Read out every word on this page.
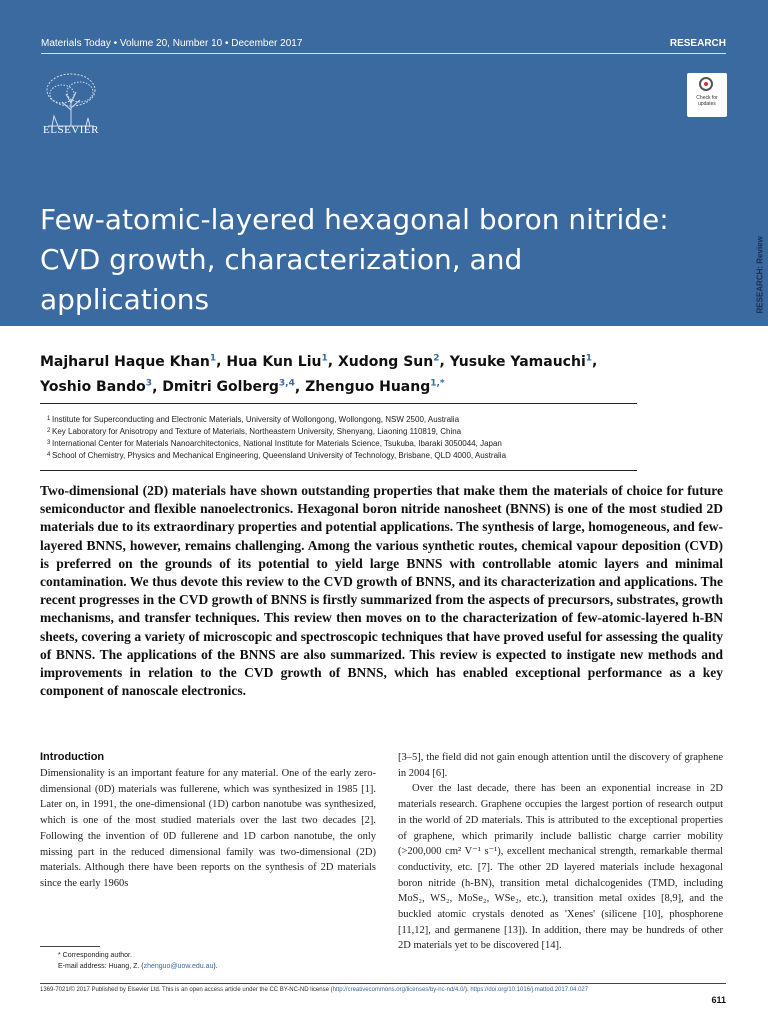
Materials Today • Volume 20, Number 10 • December 2017	RESEARCH
ELSEVIER
Check for updates
Few-atomic-layered hexagonal boron nitride: CVD growth, characterization, and applications	RESEARCH: Review
Majharul Haque Khan$^1$, Hua Kun Liu$^1$, Xudong Sun$^2$, Yusuke Yamauchi$^1$,
Yoshio Bando$^3$, Dmitri Golberg$^{3,4}$, Zhenguo Huang$^{1,*}$
1 Institute for Superconducting and Electronic Materials, University of Wollongong, Wollongong, NSW 2500, Australia
2 Key Laboratory for Anisotropy and Texture of Materials, Northeastern University, Shenyang, Liaoning 110819, China
3 International Center for Materials Nanoarchitectonics, National Institute for Materials Science, Tsukuba, Ibaraki 3050044, Japan
4 School of Chemistry, Physics and Mechanical Engineering, Queensland University of Technology, Brisbane, QLD 4000, Australia

Two-dimensional (2D) materials have shown outstanding properties that make them the materials of choice for future semiconductor and flexible nanoelectronics. Hexagonal boron nitride nanosheet (BNNS) is one of the most studied 2D materials due to its extraordinary properties and potential applications. The synthesis of large, homogeneous, and few-layered BNNS, however, remains challenging. Among the various synthetic routes, chemical vapour deposition (CVD) is preferred on the grounds of its potential to yield large BNNS with controllable atomic layers and minimal contamination. We thus devote this review to the CVD growth of BNNS, and its characterization and applications. The recent progresses in the CVD growth of BNNS is firstly summarized from the aspects of precursors, substrates, growth mechanisms, and transfer techniques. This review then moves on to the characterization of few-atomic-layered h-BN sheets, covering a variety of microscopic and spectroscopic techniques that have proved useful for assessing the quality of BNNS. The applications of the BNNS are also summarized. This review is expected to instigate new methods and improvements in relation to the CVD growth of BNNS, which has enabled exceptional performance as a key component of nanoscale electronics.

Introduction

Dimensionality is an important feature for any material. One of the early zero-dimensional (0D) materials was fullerene, which was synthesized in 1985 [1]. Later on, in 1991, the one-dimensional (1D) carbon nanotube was synthesized, which is one of the most studied materials over the last two decades [2]. Following the invention of 0D fullerene and 1D carbon nanotube, the only missing part in the reduced dimensional family was two-dimensional (2D) materials. Although there have been reports on the synthesis of 2D materials since the early 1960s

[3–5], the field did not gain enough attention until the discovery of graphene in 2004 [6].

Over the last decade, there has been an exponential increase in 2D materials research. Graphene occupies the largest portion of research output in the world of 2D materials. This is attributed to the exceptional properties of graphene, which primarily include ballistic charge carrier mobility (>200,000 cm² V⁻¹ s⁻¹), excellent mechanical strength, remarkable thermal conductivity, etc. [7]. The other 2D layered materials include hexagonal boron nitride (h-BN), transition metal dichalcogenides (TMD, including MoS₂, WS₂, MoSe₂, WSe₂, etc.), transition metal oxides [8,9], and the buckled atomic crystals denoted as 'Xenes' (silicene [10], phosphorene [11,12], and germanene [13]). In addition, there may be hundreds of other 2D materials yet to be discovered [14].

* Corresponding author.
E-mail address: Huang, Z. (zhenguo@uow.edu.au).
1369-7021/© 2017 Published by Elsevier Ltd. This is an open access article under the CC BY-NC-ND license (http://creativecommons.org/licenses/by-nc-nd/4.0/). https://doi.org/10.1016/j.mattod.2017.04.027
611
